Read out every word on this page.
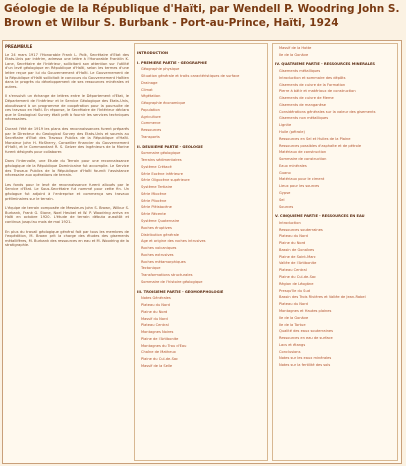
Géologie de la République d'Haïti, par Wendell P. Woodring John S. Brown et Wilbur S. Burbank - Port-au-Prince, Haïti, 1924
PREAMBULE

Le 24 mars 1917 l'Honorable Frank L. Polk, Secrétaire d'Etat des Etats-Unis par intérim, adressa une lettre à l'Honorable Franklin K. Lane, Secrétaire de l'Intérieur, sollicitant son attention sur l'utilité d'un levé géologique en République d'Haïti, selon les termes d'une lettre reçue par lui du Gouvernement d'Haïti. Le Gouvernement de la République d'Haïti sollicitait le concours du Gouvernement Haïtien dans le progrès du développement de ses ressources minérales et autres.

Il s'ensuivit un échange de lettres entre le Département d'Etat, le Département de l'Intérieur et le Service Géologique des Etats-Unis, aboutissant à un programme de coopération pour la poursuite de ces travaux en Haïti. En réponse, le Secrétaire de l'Intérieur déclara que le Geological Survey était prêt à fournir les services techniques nécessaires.

Durant l'été de 1919 les plans des reconnaissances furent préparés par le Directeur du Geological Survey des Etats-Unis et soumis au Secrétaire d'Etat des Travaux Publics de la République d'Haïti. Monsieur John H. McSherry, Conseiller financier du Gouvernement d'Haïti, et le Commandant R. S. Gelzer des Ingénieurs de la Marine furent désignés pour collaborer.

Dans l'intervalle, une Etude du Terrain pour une reconnaissance géologique de la République Dominicaine fut accomplie. Le Service des Travaux Publics de la République d'Haïti fournit l'assistance nécessaire aux opérations de terrain.

Les fonds pour le levé de reconnaissance furent alloués par le Service d'Etat. Le Sous-Secrétaire fut nommé pour cette fin. Un géologue fut adjoint à l'entreprise et commença ses travaux préliminaires sur le terrain.

L'équipe de terrain composée de Messieurs John S. Brown, Wilbur S. Burbank, Frank G. Stone, Noel Heubel et W. P. Woodring arriva en Haïti en octobre 1920. L'étude de terrain débuta aussitôt et continua jusqu'au mois de mai 1921.

En plus du travail géologique général fait par tous les membres de l'expédition, M. Brown prit la charge des études des gisements métallifères, M. Burbank des ressources en eau et M. Woodring de la stratigraphie.

INTRODUCTION
I. PREMIERE PARTIE - GEOGRAPHIE
Géographie physique
Situation générale et traits caractéristiques de surface
Drainage
Climat
Végétation
Géographie économique
Population
Agriculture
Commerce
Ressources
Transports
II. DEUXIEME PARTIE - GEOLOGIE
Sommaire géologique
Terrains sédimentaires
Système Crétacé
Série Eocène inférieure
Série Oligocène supérieure
Système Tertiaire
Série Miocène
Série Pliocène
Série Pléistocène
Série Récente
Système Quaternaire
Roches éruptives
Distribution générale
Age et origine des roches intrusives
Roches volcaniques
Roches extrusives
Roches métamorphiques
Tectonique
Transformations structurales
Sommaire de l'histoire géologique
III. TROISIEME PARTIE - GEOMORPHOLOGIE
Notes Générales
Plateau du Nord
Plaine du Nord
Massif du Nord
Plateau Central
Montagnes Noires
Plaine de l'Artibonite
Montagnes du Trou d'Eau
Chaîne de Matheux
Plaine du Cul-de-Sac
Massif de la Selle
Massif de la Hotte
Ile de la Gonâve
IV. QUATRIEME PARTIE - RESSOURCES MINERALES
Gisements métalliques
Introduction et sommaire des dépôts
Gisements de cuivre de la Formation
Pierre à bâtir et matériaux de construction
Gisements de cuivre de Meme
Gisements de manganèse
Considérations générales sur la valeur des gisements
Gisements non métalliques
Lignite
Huile (pétrole)
Ressources en Sel et Huiles de la Plaine
Ressources possibles d'asphalte et de pétrole
Matériaux de construction
Sommaire de construction
Eaux minérales
Guano
Matériaux pour le ciment
Lieux pour les sources
Gypse
Sel
Sources
V. CINQUIEME PARTIE - RESSOURCES EN EAU
Introduction
Ressources souterraines
Plateau du Nord
Plaine du Nord
Bassin de Gonaïves
Plaine de Saint-Marc
Vallée de l'Artibonite
Plateau Central
Plaine du Cul-de-Sac
Région de Léogâne
Presqu'île du Sud
Bassin des Trois Rivières et Vallée de Jean-Rabel
Plateau du Nord
Montagnes et Hautes plaines
Ile de la Gonâve
Ile de la Tortue
Qualité des eaux souterraines
Ressources en eau de surface
Lacs et étangs
Conclusions
Notes sur les eaux minérales
Notes sur la fertilité des sols
